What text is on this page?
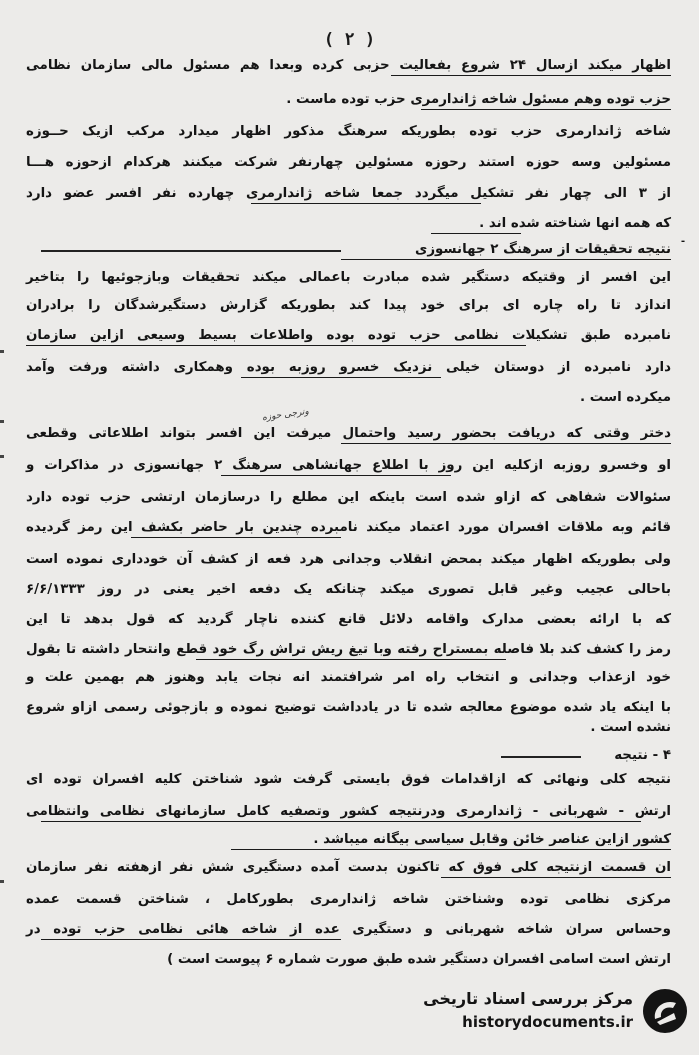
( ۲ )
اظهار میکند ازسال ۲۴ شروع بفعالیت حزبی کرده وبعدا هم مسئول مالی سازمان نظامی
حزب توده وهم مسئول شاخه ژاندارمری حزب توده ماست .
شاخه ژاندارمری حزب توده بطوریکه سرهنگ مذکور اظهار میدارد مرکب ازیک حــوزه
مسئولین وسه حوزه استند رحوزه مسئولین چهارنفر شرکت میکنند هرکدام ازحوزه هـــا
از ۳ الی چهار نفر تشکیل میگردد جمعا شاخه ژاندارمری چهارده نفر افسر عضو دارد
که همه انها شناخته شده اند .
نتیجه تحقیقات از سرهنگ ۲ جهانسوزی
این افسر از وقتیکه دستگیر شده مبادرت باعمالی میکند تحقیقات وبازجوئیها را بتاخیر
اندازد تا راه چاره ای برای خود پیدا کند بطوریکه گزارش دستگیرشدگان را برادران
نامبرده طبق تشکیلات نظامی حزب توده بوده واطلاعات بسیط وسیعی ازاین سازمان
دارد نامبرده از دوستان خیلی نزدیک خسرو روزبه بوده وهمکاری داشته ورفت وآمد
میکرده است .
دختر وقتی که دریافت بحضور رسید واحتمال میرفت این افسر بتواند اطلاعاتی وقطعی
او وخسرو روزبه ازکلیه این روز با اطلاع جهانشاهی سرهنگ ۲ جهانسوزی در مذاکرات و
سئوالات شفاهی که ازاو شده است باینکه این مطلع را درسازمان ارتشی حزب توده دارد
قائم وبه ملاقات افسران مورد اعتماد میکند نامبرده چندین بار حاضر بکشف این رمز گردیده
ولی بطوریکه اظهار میکند بمحض انقلاب وجدانی هرد فعه از کشف آن خودداری نموده است
باحالی عجیب وغیر قابل تصوری میکند چنانکه یک دفعه اخیر یعنی در روز ۶/۶/۱۳۳۳
که با ارائه بعضی مدارک واقامه دلائل قانع کننده ناچار گردید که قول بدهد تا این
رمز را کشف کند بلا فاصله بمستراح رفته وبا تیغ ریش تراش رگ خود قطع وانتحار داشته تا بقول
خود ازعذاب وجدانی و انتخاب راه امر شرافتمند انه نجات یابد وهنوز هم بهمین علت و
با اینکه یاد شده موضوع معالجه شده تا در یادداشت توضیح نموده و بازجوئی رسمی ازاو شروع
نشده است .
۴ - نتیجه
نتیجه کلی ونهائی که ازاقدامات فوق بایستی گرفت شود شناختن کلیه افسران توده ای
ارتش - شهربانی - ژاندارمری ودرنتیجه کشور وتصفیه کامل سازمانهای نظامی وانتظامی
کشور ازاین عناصر خائن وقابل سیاسی بیگانه میباشد .
ان قسمت ازنتیجه کلی فوق که تاکنون بدست آمده دستگیری شش نفر ازهفته نفر سازمان
مرکزی نظامی توده وشناختن شاخه ژاندارمری بطورکامل ، شناختن قسمت عمده
وحساس سران شاخه شهربانی و دستگیری عده از شاخه هائی نظامی حزب توده در
ارتش است اسامی افسران دستگیر شده طبق صورت شماره ۶ پیوست است )
ونرجی حوزه
-
مرکز بررسی اسناد تاریخی
historydocuments.ir
